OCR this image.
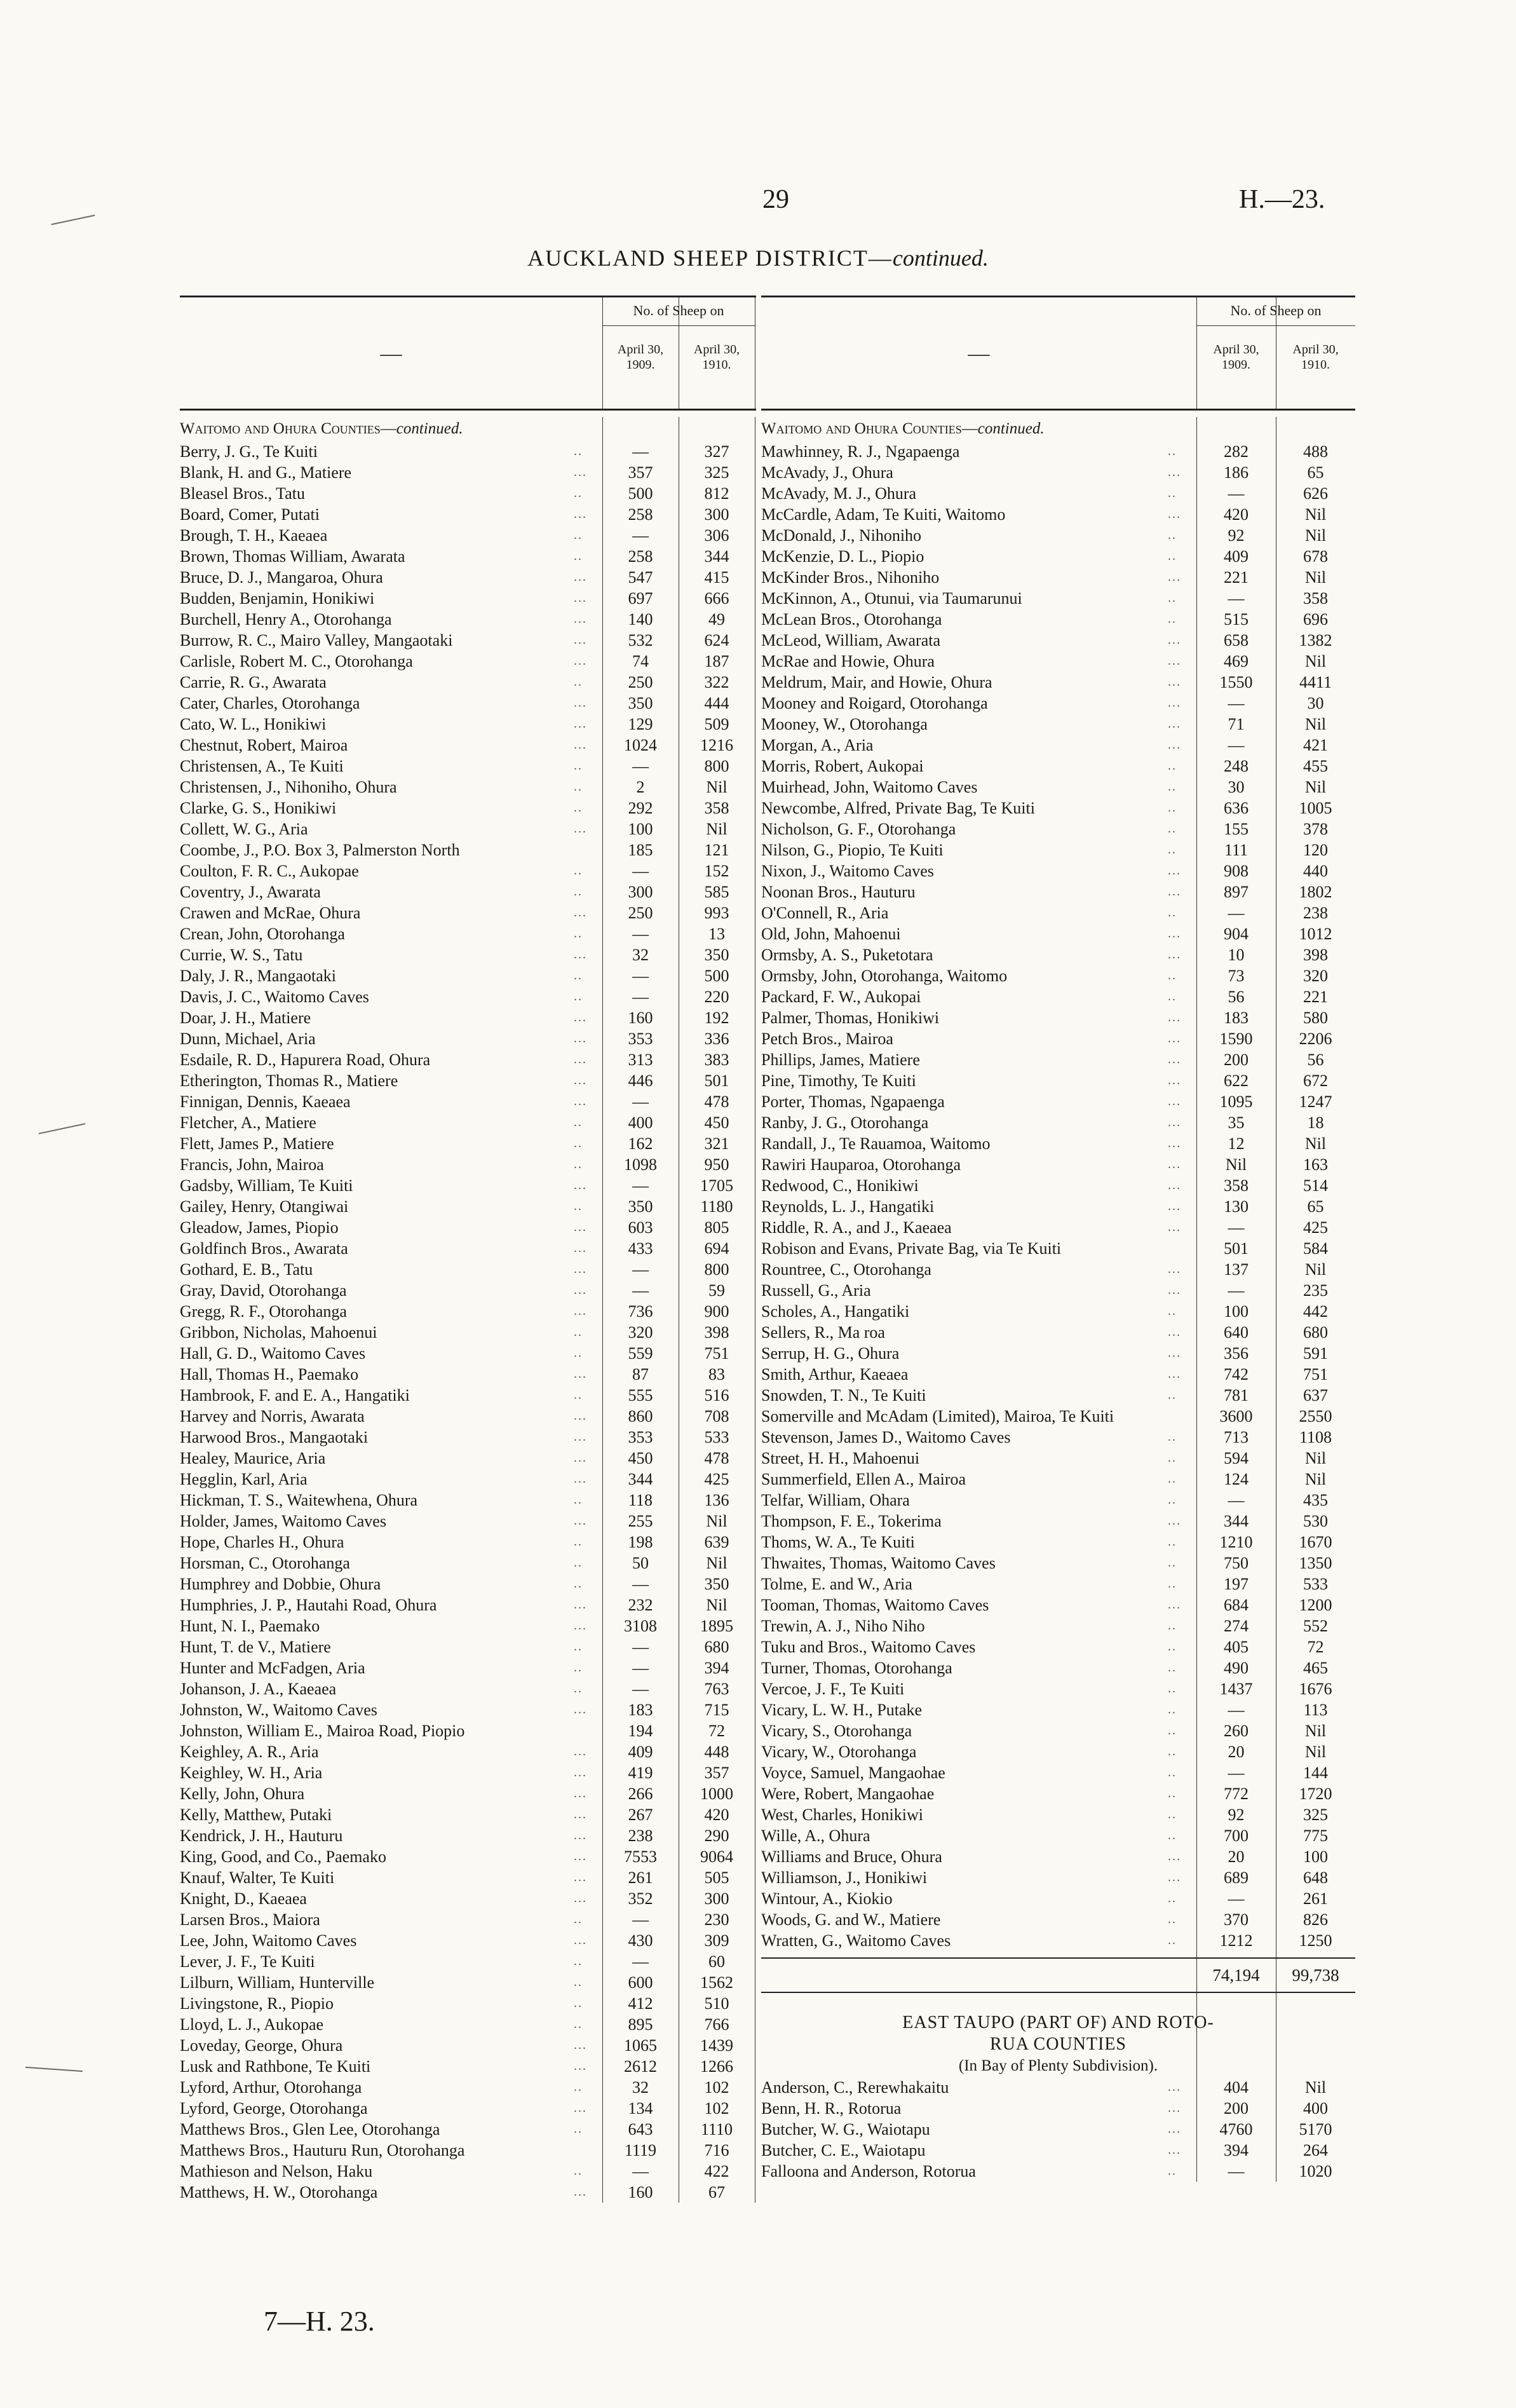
29	H.—23.
AUCKLAND SHEEP DISTRICT—continued.
—
No. of Sheep on
April 30,
1909.
April 30,
1910.
Waitomo and Ohura Counties—continued.
Berry, J. G., Te Kuiti	..	—	327
Blank, H. and G., Matiere	...	357	325
Bleasel Bros., Tatu	..	500	812
Board, Comer, Putati	...	258	300
Brough, T. H., Kaeaea	..	—	306
Brown, Thomas William, Awarata	..	258	344
Bruce, D. J., Mangaroa, Ohura	...	547	415
Budden, Benjamin, Honikiwi	...	697	666
Burchell, Henry A., Otorohanga	...	140	49
Burrow, R. C., Mairo Valley, Mangaotaki	...	532	624
Carlisle, Robert M. C., Otorohanga	...	74	187
Carrie, R. G., Awarata	..	250	322
Cater, Charles, Otorohanga	...	350	444
Cato, W. L., Honikiwi	...	129	509
Chestnut, Robert, Mairoa	...	1024	1216
Christensen, A., Te Kuiti	..	—	800
Christensen, J., Nihoniho, Ohura	..	2	Nil
Clarke, G. S., Honikiwi	..	292	358
Collett, W. G., Aria	...	100	Nil
Coombe, J., P.O. Box 3, Palmerston North	185	121
Coulton, F. R. C., Aukopae	..	—	152
Coventry, J., Awarata	..	300	585
Crawen and McRae, Ohura	...	250	993
Crean, John, Otorohanga	..	—	13
Currie, W. S., Tatu	...	32	350
Daly, J. R., Mangaotaki	..	—	500
Davis, J. C., Waitomo Caves	..	—	220
Doar, J. H., Matiere	...	160	192
Dunn, Michael, Aria	...	353	336
Esdaile, R. D., Hapurera Road, Ohura	...	313	383
Etherington, Thomas R., Matiere	...	446	501
Finnigan, Dennis, Kaeaea	...	—	478
Fletcher, A., Matiere	..	400	450
Flett, James P., Matiere	..	162	321
Francis, John, Mairoa	..	1098	950
Gadsby, William, Te Kuiti	...	—	1705
Gailey, Henry, Otangiwai	..	350	1180
Gleadow, James, Piopio	...	603	805
Goldfinch Bros., Awarata	...	433	694
Gothard, E. B., Tatu	...	—	800
Gray, David, Otorohanga	...	—	59
Gregg, R. F., Otorohanga	...	736	900
Gribbon, Nicholas, Mahoenui	..	320	398
Hall, G. D., Waitomo Caves	..	559	751
Hall, Thomas H., Paemako	...	87	83
Hambrook, F. and E. A., Hangatiki	..	555	516
Harvey and Norris, Awarata	...	860	708
Harwood Bros., Mangaotaki	...	353	533
Healey, Maurice, Aria	...	450	478
Hegglin, Karl, Aria	...	344	425
Hickman, T. S., Waitewhena, Ohura	..	118	136
Holder, James, Waitomo Caves	...	255	Nil
Hope, Charles H., Ohura	..	198	639
Horsman, C., Otorohanga	..	50	Nil
Humphrey and Dobbie, Ohura	..	—	350
Humphries, J. P., Hautahi Road, Ohura	...	232	Nil
Hunt, N. I., Paemako	...	3108	1895
Hunt, T. de V., Matiere	..	—	680
Hunter and McFadgen, Aria	..	—	394
Johanson, J. A., Kaeaea	..	—	763
Johnston, W., Waitomo Caves	...	183	715
Johnston, William E., Mairoa Road, Piopio	194	72
Keighley, A. R., Aria	...	409	448
Keighley, W. H., Aria	...	419	357
Kelly, John, Ohura	...	266	1000
Kelly, Matthew, Putaki	...	267	420
Kendrick, J. H., Hauturu	...	238	290
King, Good, and Co., Paemako	...	7553	9064
Knauf, Walter, Te Kuiti	...	261	505
Knight, D., Kaeaea	...	352	300
Larsen Bros., Maiora	..	—	230
Lee, John, Waitomo Caves	...	430	309
Lever, J. F., Te Kuiti	..	—	60
Lilburn, William, Hunterville	..	600	1562
Livingstone, R., Piopio	..	412	510
Lloyd, L. J., Aukopae	..	895	766
Loveday, George, Ohura	...	1065	1439
Lusk and Rathbone, Te Kuiti	...	2612	1266
Lyford, Arthur, Otorohanga	..	32	102
Lyford, George, Otorohanga	...	134	102
Matthews Bros., Glen Lee, Otorohanga	..	643	1110
Matthews Bros., Hauturu Run, Otorohanga	1119	716
Mathieson and Nelson, Haku	..	—	422
Matthews, H. W., Otorohanga	...	160	67
—
No. of Sheep on
April 30,
1909.
April 30,
1910.
Waitomo and Ohura Counties—continued.
Mawhinney, R. J., Ngapaenga	..	282	488
McAvady, J., Ohura	...	186	65
McAvady, M. J., Ohura	..	—	626
McCardle, Adam, Te Kuiti, Waitomo	...	420	Nil
McDonald, J., Nihoniho	..	92	Nil
McKenzie, D. L., Piopio	..	409	678
McKinder Bros., Nihoniho	...	221	Nil
McKinnon, A., Otunui, via Taumarunui	..	—	358
McLean Bros., Otorohanga	..	515	696
McLeod, William, Awarata	...	658	1382
McRae and Howie, Ohura	...	469	Nil
Meldrum, Mair, and Howie, Ohura	...	1550	4411
Mooney and Roigard, Otorohanga	...	—	30
Mooney, W., Otorohanga	...	71	Nil
Morgan, A., Aria	...	—	421
Morris, Robert, Aukopai	..	248	455
Muirhead, John, Waitomo Caves	..	30	Nil
Newcombe, Alfred, Private Bag, Te Kuiti	..	636	1005
Nicholson, G. F., Otorohanga	..	155	378
Nilson, G., Piopio, Te Kuiti	..	111	120
Nixon, J., Waitomo Caves	...	908	440
Noonan Bros., Hauturu	...	897	1802
O'Connell, R., Aria	..	—	238
Old, John, Mahoenui	...	904	1012
Ormsby, A. S., Puketotara	...	10	398
Ormsby, John, Otorohanga, Waitomo	..	73	320
Packard, F. W., Aukopai	..	56	221
Palmer, Thomas, Honikiwi	...	183	580
Petch Bros., Mairoa	...	1590	2206
Phillips, James, Matiere	...	200	56
Pine, Timothy, Te Kuiti	...	622	672
Porter, Thomas, Ngapaenga	...	1095	1247
Ranby, J. G., Otorohanga	...	35	18
Randall, J., Te Rauamoa, Waitomo	...	12	Nil
Rawiri Hauparoa, Otorohanga	...	Nil	163
Redwood, C., Honikiwi	...	358	514
Reynolds, L. J., Hangatiki	...	130	65
Riddle, R. A., and J., Kaeaea	...	—	425
Robison and Evans, Private Bag, via Te Kuiti	501	584
Rountree, C., Otorohanga	...	137	Nil
Russell, G., Aria	...	—	235
Scholes, A., Hangatiki	..	100	442
Sellers, R., Ma roa	...	640	680
Serrup, H. G., Ohura	...	356	591
Smith, Arthur, Kaeaea	...	742	751
Snowden, T. N., Te Kuiti	..	781	637
Somerville and McAdam (Limited), Mairoa, Te Kuiti	3600	2550
Stevenson, James D., Waitomo Caves	..	713	1108
Street, H. H., Mahoenui	..	594	Nil
Summerfield, Ellen A., Mairoa	..	124	Nil
Telfar, William, Ohara	..	—	435
Thompson, F. E., Tokerima	...	344	530
Thoms, W. A., Te Kuiti	..	1210	1670
Thwaites, Thomas, Waitomo Caves	..	750	1350
Tolme, E. and W., Aria	..	197	533
Tooman, Thomas, Waitomo Caves	...	684	1200
Trewin, A. J., Niho Niho	..	274	552
Tuku and Bros., Waitomo Caves	..	405	72
Turner, Thomas, Otorohanga	..	490	465
Vercoe, J. F., Te Kuiti	..	1437	1676
Vicary, L. W. H., Putake	..	—	113
Vicary, S., Otorohanga	..	260	Nil
Vicary, W., Otorohanga	..	20	Nil
Voyce, Samuel, Mangaohae	..	—	144
Were, Robert, Mangaohae	..	772	1720
West, Charles, Honikiwi	..	92	325
Wille, A., Ohura	..	700	775
Williams and Bruce, Ohura	...	20	100
Williamson, J., Honikiwi	...	689	648
Wintour, A., Kiokio	..	—	261
Woods, G. and W., Matiere	..	370	826
Wratten, G., Waitomo Caves	..	1212	1250
74,194	99,738
EAST TAUPO (PART OF) AND ROTO-
RUA COUNTIES
(In Bay of Plenty Subdivision).
Anderson, C., Rerewhakaitu	...	404	Nil
Benn, H. R., Rotorua	...	200	400
Butcher, W. G., Waiotapu	...	4760	5170
Butcher, C. E., Waiotapu	...	394	264
Falloona and Anderson, Rotorua	..	—	1020
7—H. 23.
